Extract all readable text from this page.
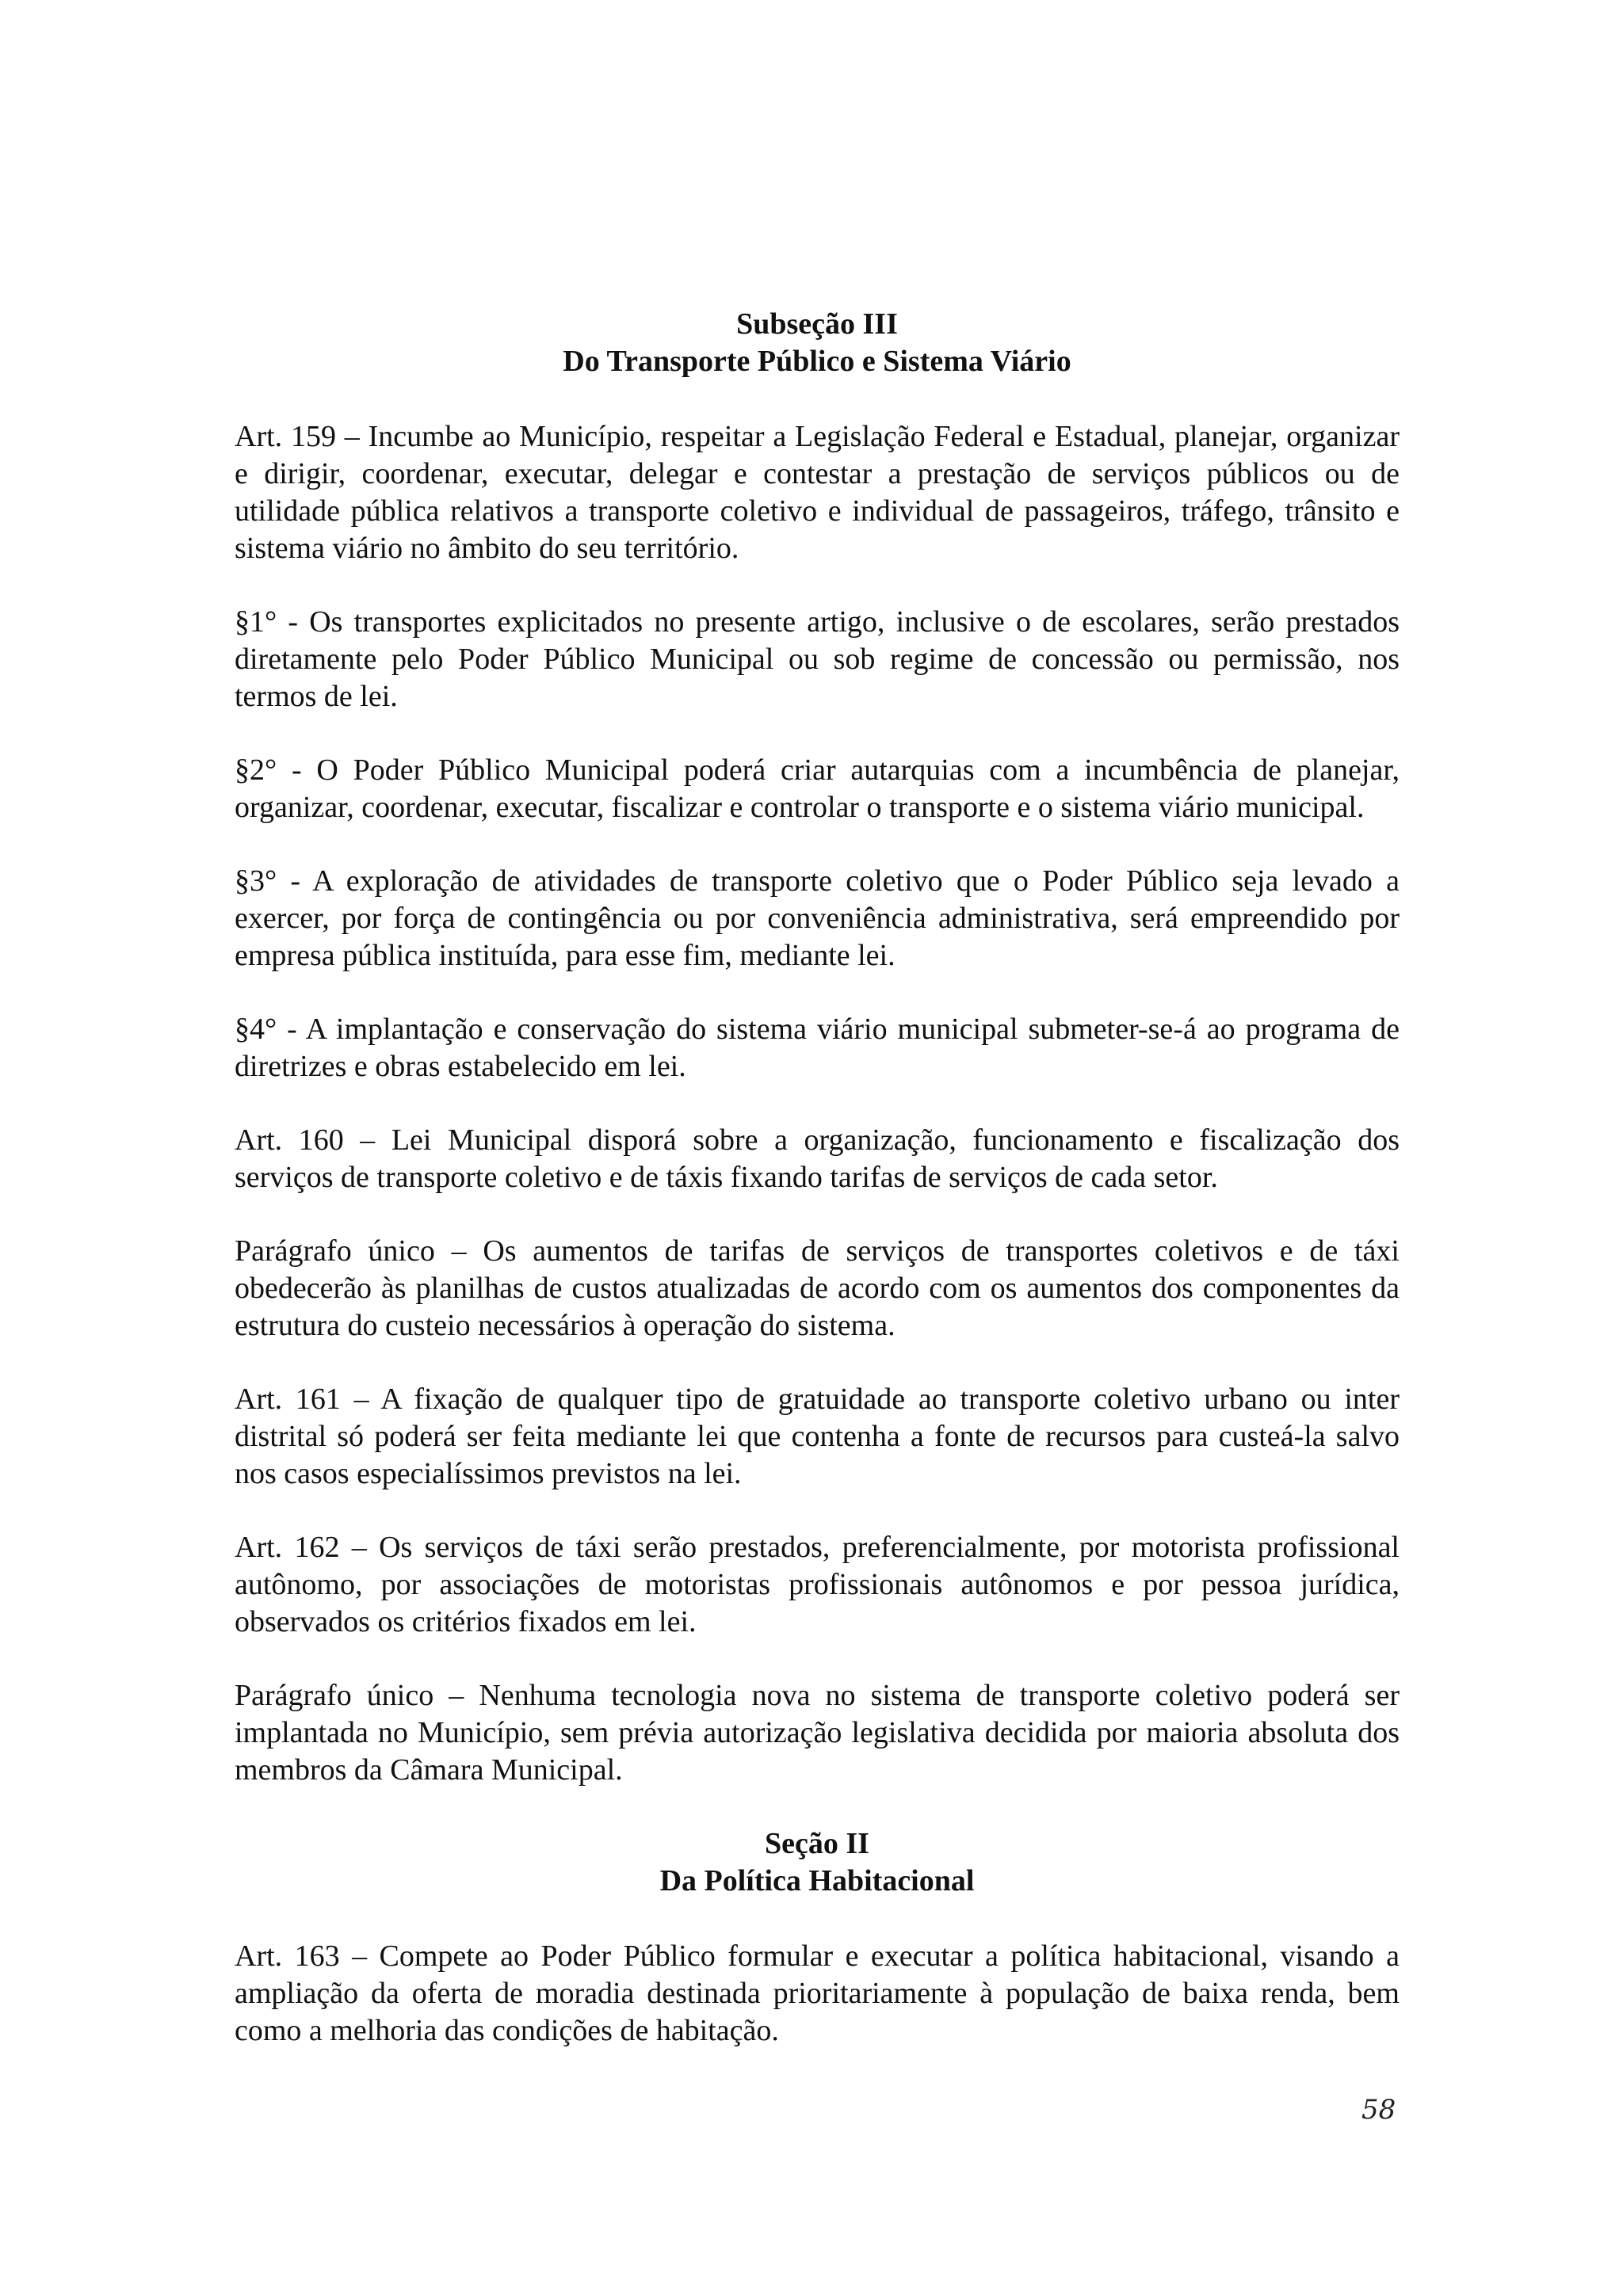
Subseção III
Do Transporte Público e Sistema Viário

Art. 159 – Incumbe ao Município, respeitar a Legislação Federal e Estadual, planejar, organizar e dirigir, coordenar, executar, delegar e contestar a prestação de serviços públicos ou de utilidade pública relativos a transporte coletivo e individual de passageiros, tráfego, trânsito e sistema viário no âmbito do seu território.

§1° - Os transportes explicitados no presente artigo, inclusive o de escolares, serão prestados diretamente pelo Poder Público Municipal ou sob regime de concessão ou permissão, nos termos de lei.

§2° - O Poder Público Municipal poderá criar autarquias com a incumbência de planejar, organizar, coordenar, executar, fiscalizar e controlar o transporte e o sistema viário municipal.

§3° - A exploração de atividades de transporte coletivo que o Poder Público seja levado a exercer, por força de contingência ou por conveniência administrativa, será empreendido por empresa pública instituída, para esse fim, mediante lei.

§4° - A implantação e conservação do sistema viário municipal submeter-se-á ao programa de diretrizes e obras estabelecido em lei.

Art. 160 – Lei Municipal disporá sobre a organização, funcionamento e fiscalização dos serviços de transporte coletivo e de táxis fixando tarifas de serviços de cada setor.

Parágrafo único – Os aumentos de tarifas de serviços de transportes coletivos e de táxi obedecerão às planilhas de custos atualizadas de acordo com os aumentos dos componentes da estrutura do custeio necessários à operação do sistema.

Art. 161 – A fixação de qualquer tipo de gratuidade ao transporte coletivo urbano ou inter distrital só poderá ser feita mediante lei que contenha a fonte de recursos para custeá-la salvo nos casos especialíssimos previstos na lei.

Art. 162 – Os serviços de táxi serão prestados, preferencialmente, por motorista profissional autônomo, por associações de motoristas profissionais autônomos e por pessoa jurídica, observados os critérios fixados em lei.

Parágrafo único – Nenhuma tecnologia nova no sistema de transporte coletivo poderá ser implantada no Município, sem prévia autorização legislativa decidida por maioria absoluta dos membros da Câmara Municipal.

Seção II
Da Política Habitacional

Art. 163 – Compete ao Poder Público formular e executar a política habitacional, visando a ampliação da oferta de moradia destinada prioritariamente à população de baixa renda, bem como a melhoria das condições de habitação.

58
